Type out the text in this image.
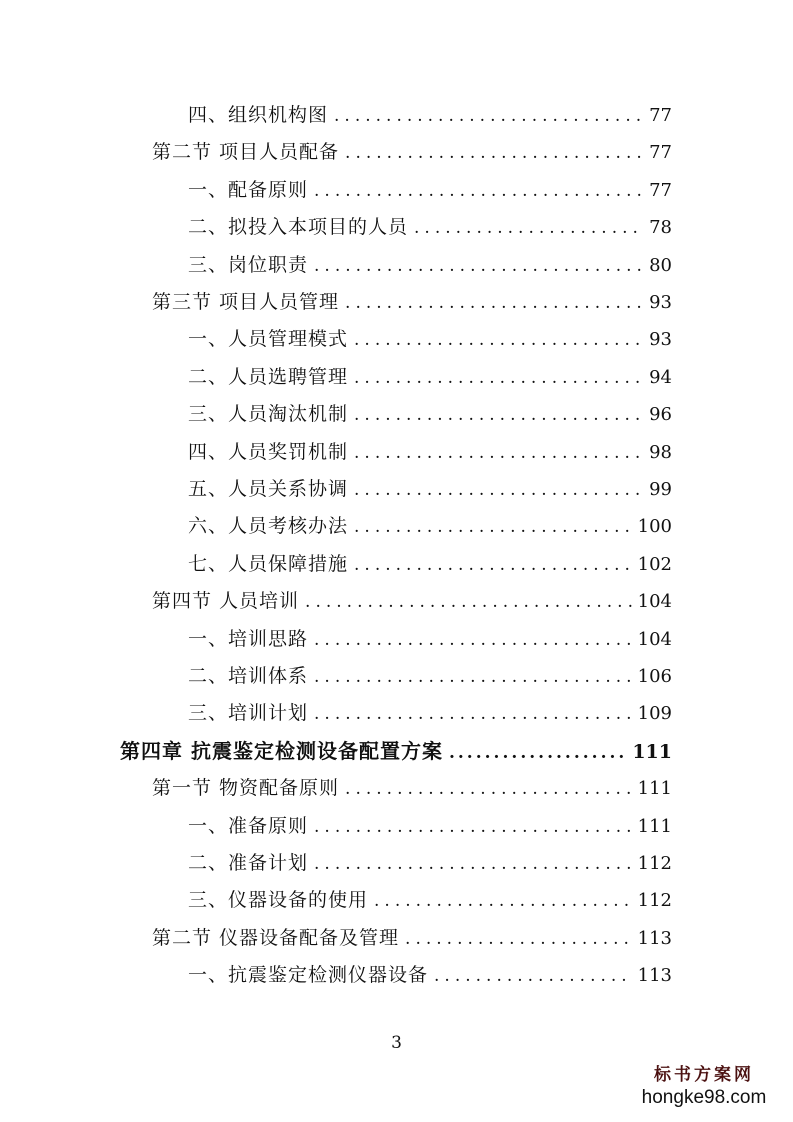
四、组织机构图 .....	77
第二节 项目人员配备 .....	77
一、配备原则 .....	77
二、拟投入本项目的人员 .....	78
三、岗位职责 .....	80
第三节 项目人员管理 .....	93
一、人员管理模式 .....	93
二、人员选聘管理 .....	94
三、人员淘汰机制 .....	96
四、人员奖罚机制 .....	98
五、人员关系协调 .....	99
六、人员考核办法 .....	100
七、人员保障措施 .....	102
第四节 人员培训 .....	104
一、培训思路 .....	104
二、培训体系 .....	106
三、培训计划 .....	109
第四章 抗震鉴定检测设备配置方案 .....	111
第一节 物资配备原则 .....	111
一、准备原则 .....	111
二、准备计划 .....	112
三、仪器设备的使用 .....	112
第二节 仪器设备配备及管理 .....	113
一、抗震鉴定检测仪器设备 .....	113
3
标书方案网
hongke98.com
